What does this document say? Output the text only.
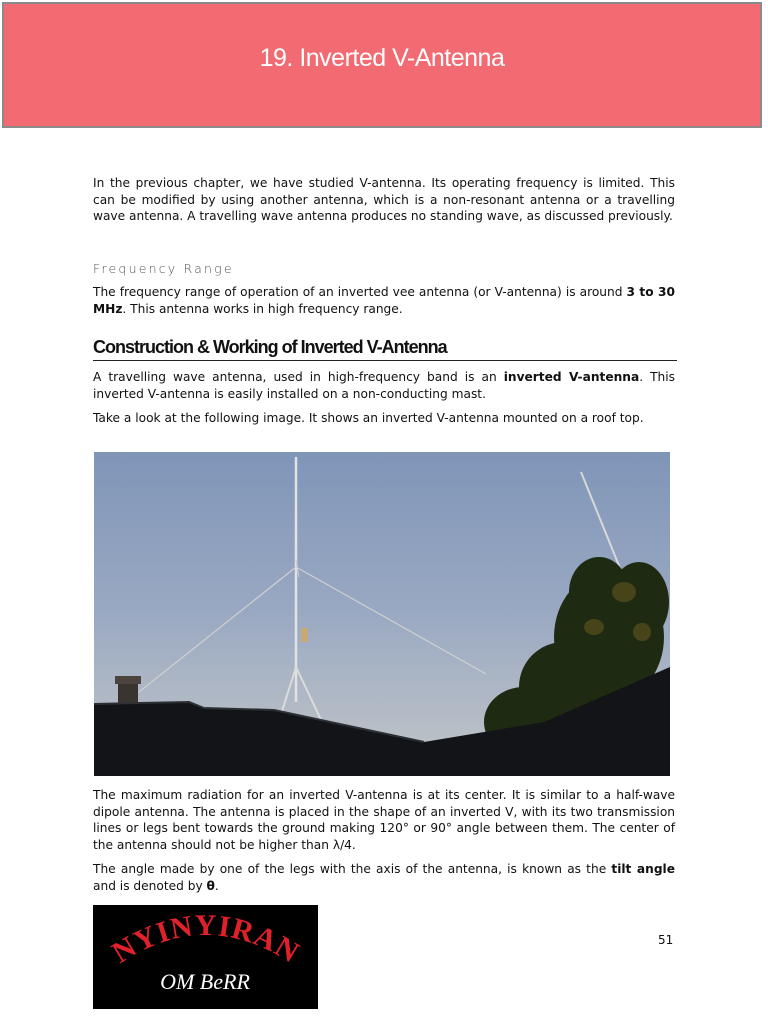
19. Inverted V-Antenna

In the previous chapter, we have studied V-antenna. Its operating frequency is limited. This can be modified by using another antenna, which is a non-resonant antenna or a travelling wave antenna. A travelling wave antenna produces no standing wave, as discussed previously.

Frequency Range

The frequency range of operation of an inverted vee antenna (or V-antenna) is around 3 to 30 MHz. This antenna works in high frequency range.

Construction & Working of Inverted V-Antenna

A travelling wave antenna, used in high-frequency band is an inverted V-antenna. This inverted V-antenna is easily installed on a non-conducting mast.

Take a look at the following image. It shows an inverted V-antenna mounted on a roof top.

The maximum radiation for an inverted V-antenna is at its center. It is similar to a half-wave dipole antenna. The antenna is placed in the shape of an inverted V, with its two transmission lines or legs bent towards the ground making 120° or 90° angle between them. The center of the antenna should not be higher than λ/4.

The angle made by one of the legs with the axis of the antenna, is known as the tilt angle and is denoted by θ.

NYINYIRAN
OM BeRR
51
